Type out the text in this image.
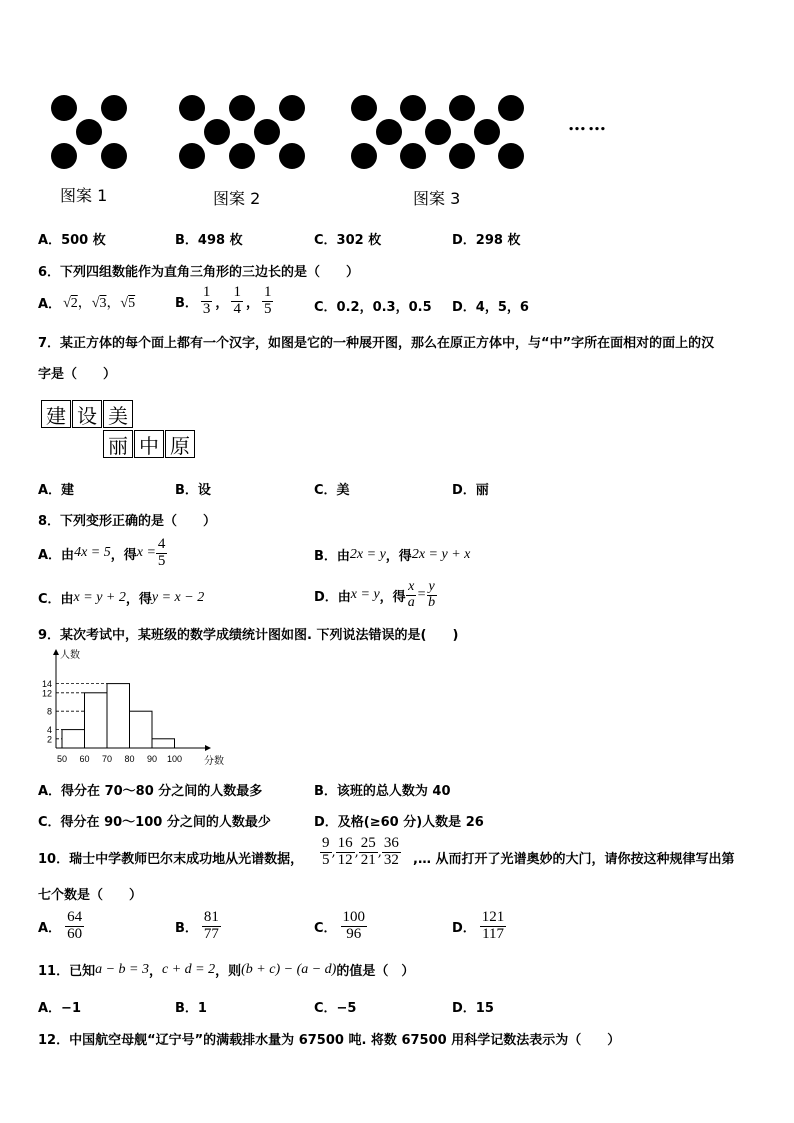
……
图案 1	图案 2	图案 3
A．500 枚	B．498 枚	C．302 枚	D．298 枚
6．下列四组数能作为直角三角形的三边长的是（　　）
A． √2，√3，√5	B． $\frac{1}{3}$ ， $\frac{1}{4}$ ， $\frac{1}{5}$	C．0.2，0.3，0.5 D．4，5，6
7．某正方体的每个面上都有一个汉字，如图是它的一种展开图，那么在原正方体中，与“中”字所在面相对的面上的汉
字是（　　）
建 设 美
丽 中 原
A．建	B．设	C．美	D．丽
8．下列变形正确的是（　　）
A．由 4x = 5 ，得 $x = \frac{4}{5}$	B．由 2x = y ，得 2x = y + x
C．由 x = y + 2 ，得 y = x − 2	D．由 x = y ，得 $\frac{x}{a} = \frac{y}{b}$
9．某次考试中，某班级的数学成绩统计图如图. 下列说法错误的是(　　)
2
4
8
12
14
50 60 70 80 90 100
人数
分数
A．得分在 70～80 分之间的人数最多	B．该班的总人数为 40
C．得分在 90～100 分之间的人数最少	D．及格(≥60 分)人数是 26
10．瑞士中学教师巴尔末成功地从光谱数据， $\frac{9}{5}$ , $\frac{16}{12}$ , $\frac{25}{21}$ , $\frac{36}{32}$ ,… 从而打开了光谱奥妙的大门，请你按这种规律写出第
七个数是（　　）
A． $\frac{64}{60}$	B． $\frac{81}{77}$	C． $\frac{100}{96}$	D． $\frac{121}{117}$
11．已知 a − b = 3 ， c + d = 2 ，则 (b + c) − (a − d) 的值是（　）
A．−1	B．1	C．−5	D．15
12．中国航空母舰“辽宁号”的满载排水量为 67500 吨. 将数 67500 用科学记数法表示为（　　）
